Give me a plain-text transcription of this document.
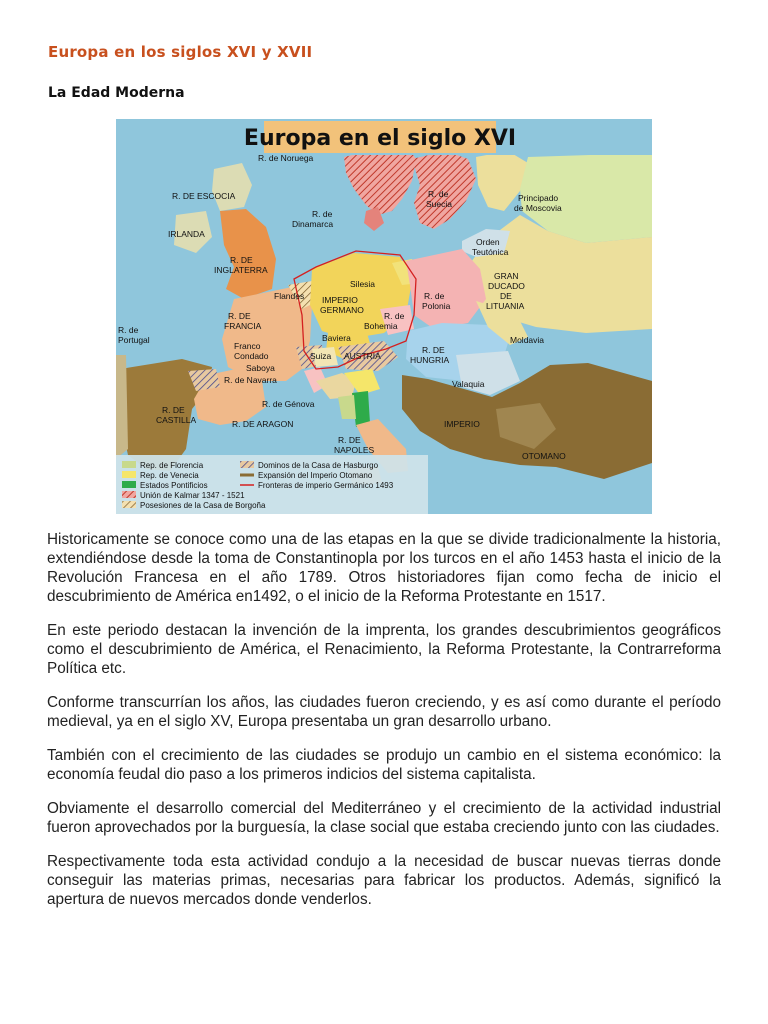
Europa en los siglos XVI y XVII
La Edad Moderna
Europa en el siglo XVI
R. de Noruega
R. DE ESCOCIA
IRLANDA
R. de
Dinamarca
R. de
Suecia
Principado
de Moscovia
Orden
Teutónica
GRAN
DUCADO
DE
LITUANIA
R. DE
INGLATERRA
Flandes
Silesia
IMPERIO
GERMANO
R. de
Polonia
R. de
Bohemia
R. DE
FRANCIA
R. de
Portugal
Franco
Condado
Baviera
Suiza AUSTRIA
Moldavia
R. DE
HUNGRIA
Saboya
R. de Navarra	Valaquia
R. DE
CASTILLA
R. de Génova
R. DE ARAGON	IMPERIO
OTOMANO
R. DE
NAPOLES
Rep. de Florencia
Rep. de Venecia
Estados Pontificios
Unión de Kalmar 1347 - 1521
Posesiones de la Casa de Borgoña
Dominos de la Casa de Hasburgo
Expansión del Imperio Otomano
Fronteras de imperio Germánico 1493

Historicamente se conoce como una de las etapas en la que se divide tradicionalmente la historia, extendiéndose desde la toma de Constantinopla por los turcos en el año 1453 hasta el inicio de la Revolución Francesa en el año 1789. Otros historiadores fijan como fecha de inicio el descubrimiento de América en1492, o el inicio de la Reforma Protestante en 1517.

En este periodo destacan la invención de la imprenta, los grandes descubrimientos geográficos como el descubrimiento de América, el Renacimiento, la Reforma Protestante, la Contrarreforma Política etc.

Conforme transcurrían los años, las ciudades fueron creciendo, y es así como durante el período medieval, ya en el siglo XV, Europa presentaba un gran desarrollo urbano.

También con el crecimiento de las ciudades se produjo un cambio en el sistema económico: la economía feudal dio paso a los primeros indicios del sistema capitalista.

Obviamente el desarrollo comercial del Mediterráneo y el crecimiento de la actividad industrial fueron aprovechados por la burguesía, la clase social que estaba creciendo junto con las ciudades.

Respectivamente toda esta actividad condujo a la necesidad de buscar nuevas tierras donde conseguir las materias primas, necesarias para fabricar los productos. Además, significó la apertura de nuevos mercados donde venderlos.
